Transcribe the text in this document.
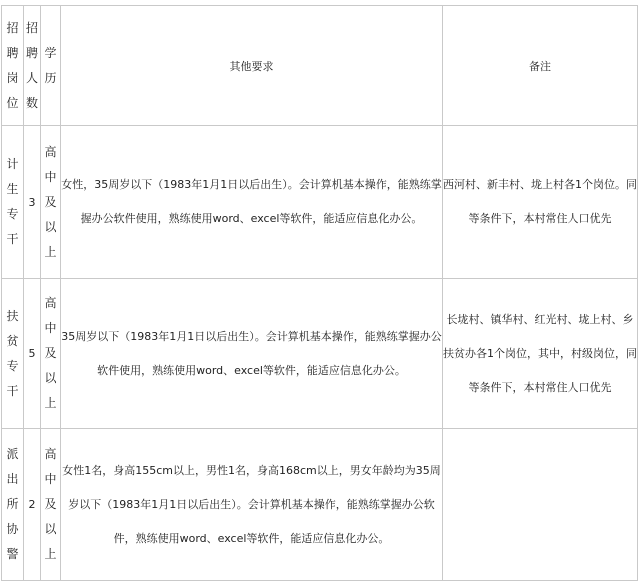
招
聘
岗
位	招
聘
人
数	学
历	其他要求	备注

计
生
专
干	3	高
中
及
以
上	女性，35周岁以下（1983年1月1日以后出生）。会计算机基本操作，能熟练掌握办公软件使用，熟练使用word、excel等软件，能适应信息化办公。	西河村、新丰村、垅上村各1个岗位。同等条件下，本村常住人口优先

扶
贫
专
干	5	高
中
及
以
上	35周岁以下（1983年1月1日以后出生）。会计算机基本操作，能熟练掌握办公软件使用，熟练使用word、excel等软件，能适应信息化办公。	长垅村、镇华村、红光村、垅上村、乡扶贫办各1个岗位，其中，村级岗位，同等条件下，本村常住人口优先

派
出
所
协
警	2	高
中
及
以
上	女性1名，身高155cm以上，男性1名，身高168cm以上，男女年龄均为35周岁以下（1983年1月1日以后出生）。会计算机基本操作，能熟练掌握办公软件，熟练使用word、excel等软件，能适应信息化办公。	
